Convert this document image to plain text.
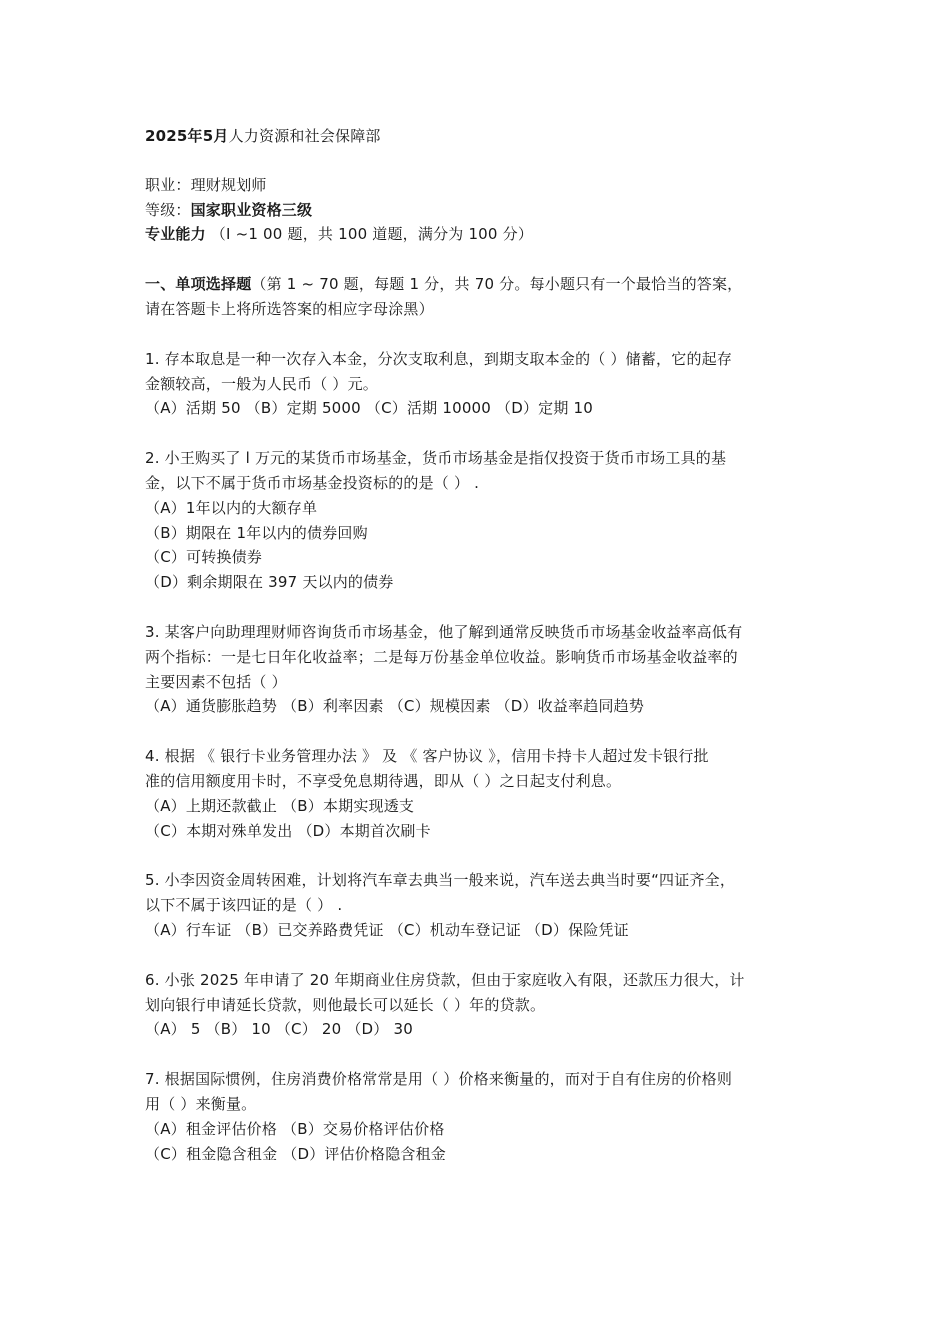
2025年5月人力资源和社会保障部
职业：理财规划师
等级：国家职业资格三级
专业能力 （I ~1 00 题，共 100 道题，满分为 100 分）
一、单项选择题（第 1 ~ 70 题，每题 1 分，共 70 分。每小题只有一个最恰当的答案，
请在答题卡上将所选答案的相应字母涂黑）
1. 存本取息是一种一次存入本金，分次支取利息，到期支取本金的（ ）储蓄，它的起存
金额较高，一般为人民币（ ）元。
（A）活期 50 （B）定期 5000 （C）活期 10000 （D）定期 10
2. 小王购买了 l 万元的某货币市场基金，货币市场基金是指仅投资于货币市场工具的基
金，以下不属于货币市场基金投资标的的是（ ） .
（A）1年以内的大额存单
（B）期限在 1年以内的债券回购
（C）可转换债券
（D）剩余期限在 397 天以内的债券
3. 某客户向助理理财师咨询货币市场基金，他了解到通常反映货币市场基金收益率高低有
两个指标：一是七日年化收益率；二是每万份基金单位收益。影响货币市场基金收益率的
主要因素不包括（ ）
（A）通货膨胀趋势 （B）利率因素 （C）规模因素 （D）收益率趋同趋势
4. 根据 《 银行卡业务管理办法 》 及 《 客户协议 》，信用卡持卡人超过发卡银行批
准的信用额度用卡时，不享受免息期待遇，即从（ ）之日起支付利息。
（A）上期还款截止 （B）本期实现透支
（C）本期对殊单发出 （D）本期首次刷卡
5. 小李因资金周转困难，计划将汽车章去典当一般来说，汽车送去典当时要“四证齐全，
以下不属于该四证的是（ ） .
（A）行车证 （B）已交养路费凭证 （C）机动车登记证 （D）保险凭证
6. 小张 2025 年申请了 20 年期商业住房贷款，但由于家庭收入有限，还款压力很大，计
划向银行申请延长贷款，则他最长可以延长（ ）年的贷款。
（A） 5 （B） 10 （C） 20 （D） 30
7. 根据国际惯例，住房消费价格常常是用（ ）价格来衡量的，而对于自有住房的价格则
用（ ）来衡量。
（A）租金评估价格 （B）交易价格评估价格
（C）租金隐含租金 （D）评估价格隐含租金
